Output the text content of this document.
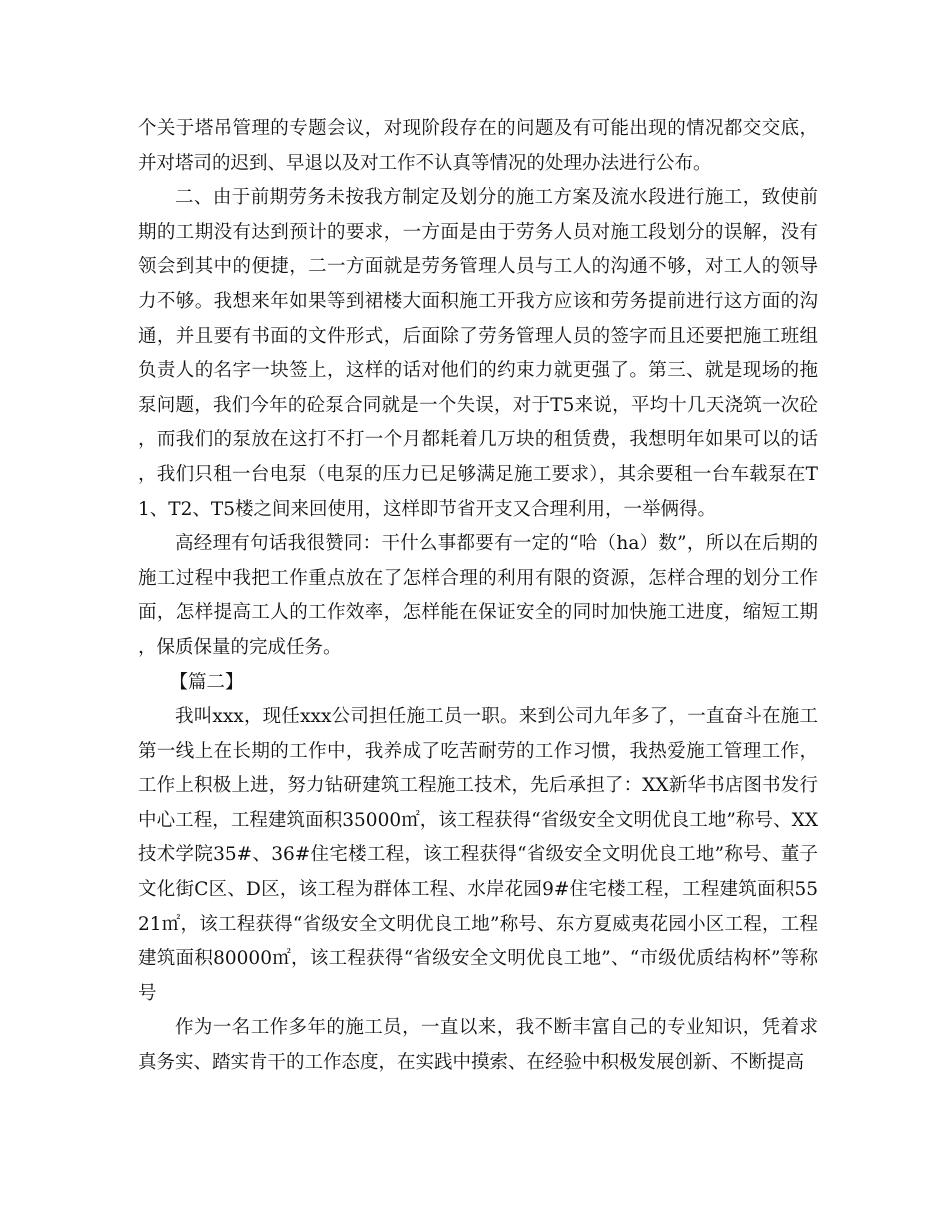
个关于塔吊管理的专题会议，对现阶段存在的问题及有可能出现的情况都交交底，并对塔司的迟到、早退以及对工作不认真等情况的处理办法进行公布。

二、由于前期劳务未按我方制定及划分的施工方案及流水段进行施工，致使前期的工期没有达到预计的要求，一方面是由于劳务人员对施工段划分的误解，没有领会到其中的便捷，二一方面就是劳务管理人员与工人的沟通不够，对工人的领导力不够。我想来年如果等到裙楼大面积施工开我方应该和劳务提前进行这方面的沟通，并且要有书面的文件形式，后面除了劳务管理人员的签字而且还要把施工班组负责人的名字一块签上，这样的话对他们的约束力就更强了。第三、就是现场的拖泵问题，我们今年的砼泵合同就是一个失误，对于T5来说，平均十几天浇筑一次砼，而我们的泵放在这打不打一个月都耗着几万块的租赁费，我想明年如果可以的话，我们只租一台电泵（电泵的压力已足够满足施工要求），其余要租一台车载泵在T1、T2、T5楼之间来回使用，这样即节省开支又合理利用，一举俩得。

高经理有句话我很赞同：干什么事都要有一定的“哈（ha）数”，所以在后期的施工过程中我把工作重点放在了怎样合理的利用有限的资源，怎样合理的划分工作面，怎样提高工人的工作效率，怎样能在保证安全的同时加快施工进度，缩短工期，保质保量的完成任务。

【篇二】

我叫xxx，现任xxx公司担任施工员一职。来到公司九年多了，一直奋斗在施工第一线上在长期的工作中，我养成了吃苦耐劳的工作习惯，我热爱施工管理工作，工作上积极上进，努力钻研建筑工程施工技术，先后承担了：XX新华书店图书发行中心工程，工程建筑面积35000㎡，该工程获得“省级安全文明优良工地”称号、XX技术学院35#、36#住宅楼工程，该工程获得“省级安全文明优良工地”称号、董子文化街C区、D区，该工程为群体工程、水岸花园9#住宅楼工程，工程建筑面积5521㎡，该工程获得“省级安全文明优良工地”称号、东方夏威夷花园小区工程，工程建筑面积80000㎡，该工程获得“省级安全文明优良工地”、“市级优质结构杯”等称号

作为一名工作多年的施工员，一直以来，我不断丰富自己的专业知识，凭着求真务实、踏实肯干的工作态度，在实践中摸索、在经验中积极发展创新、不断提高
